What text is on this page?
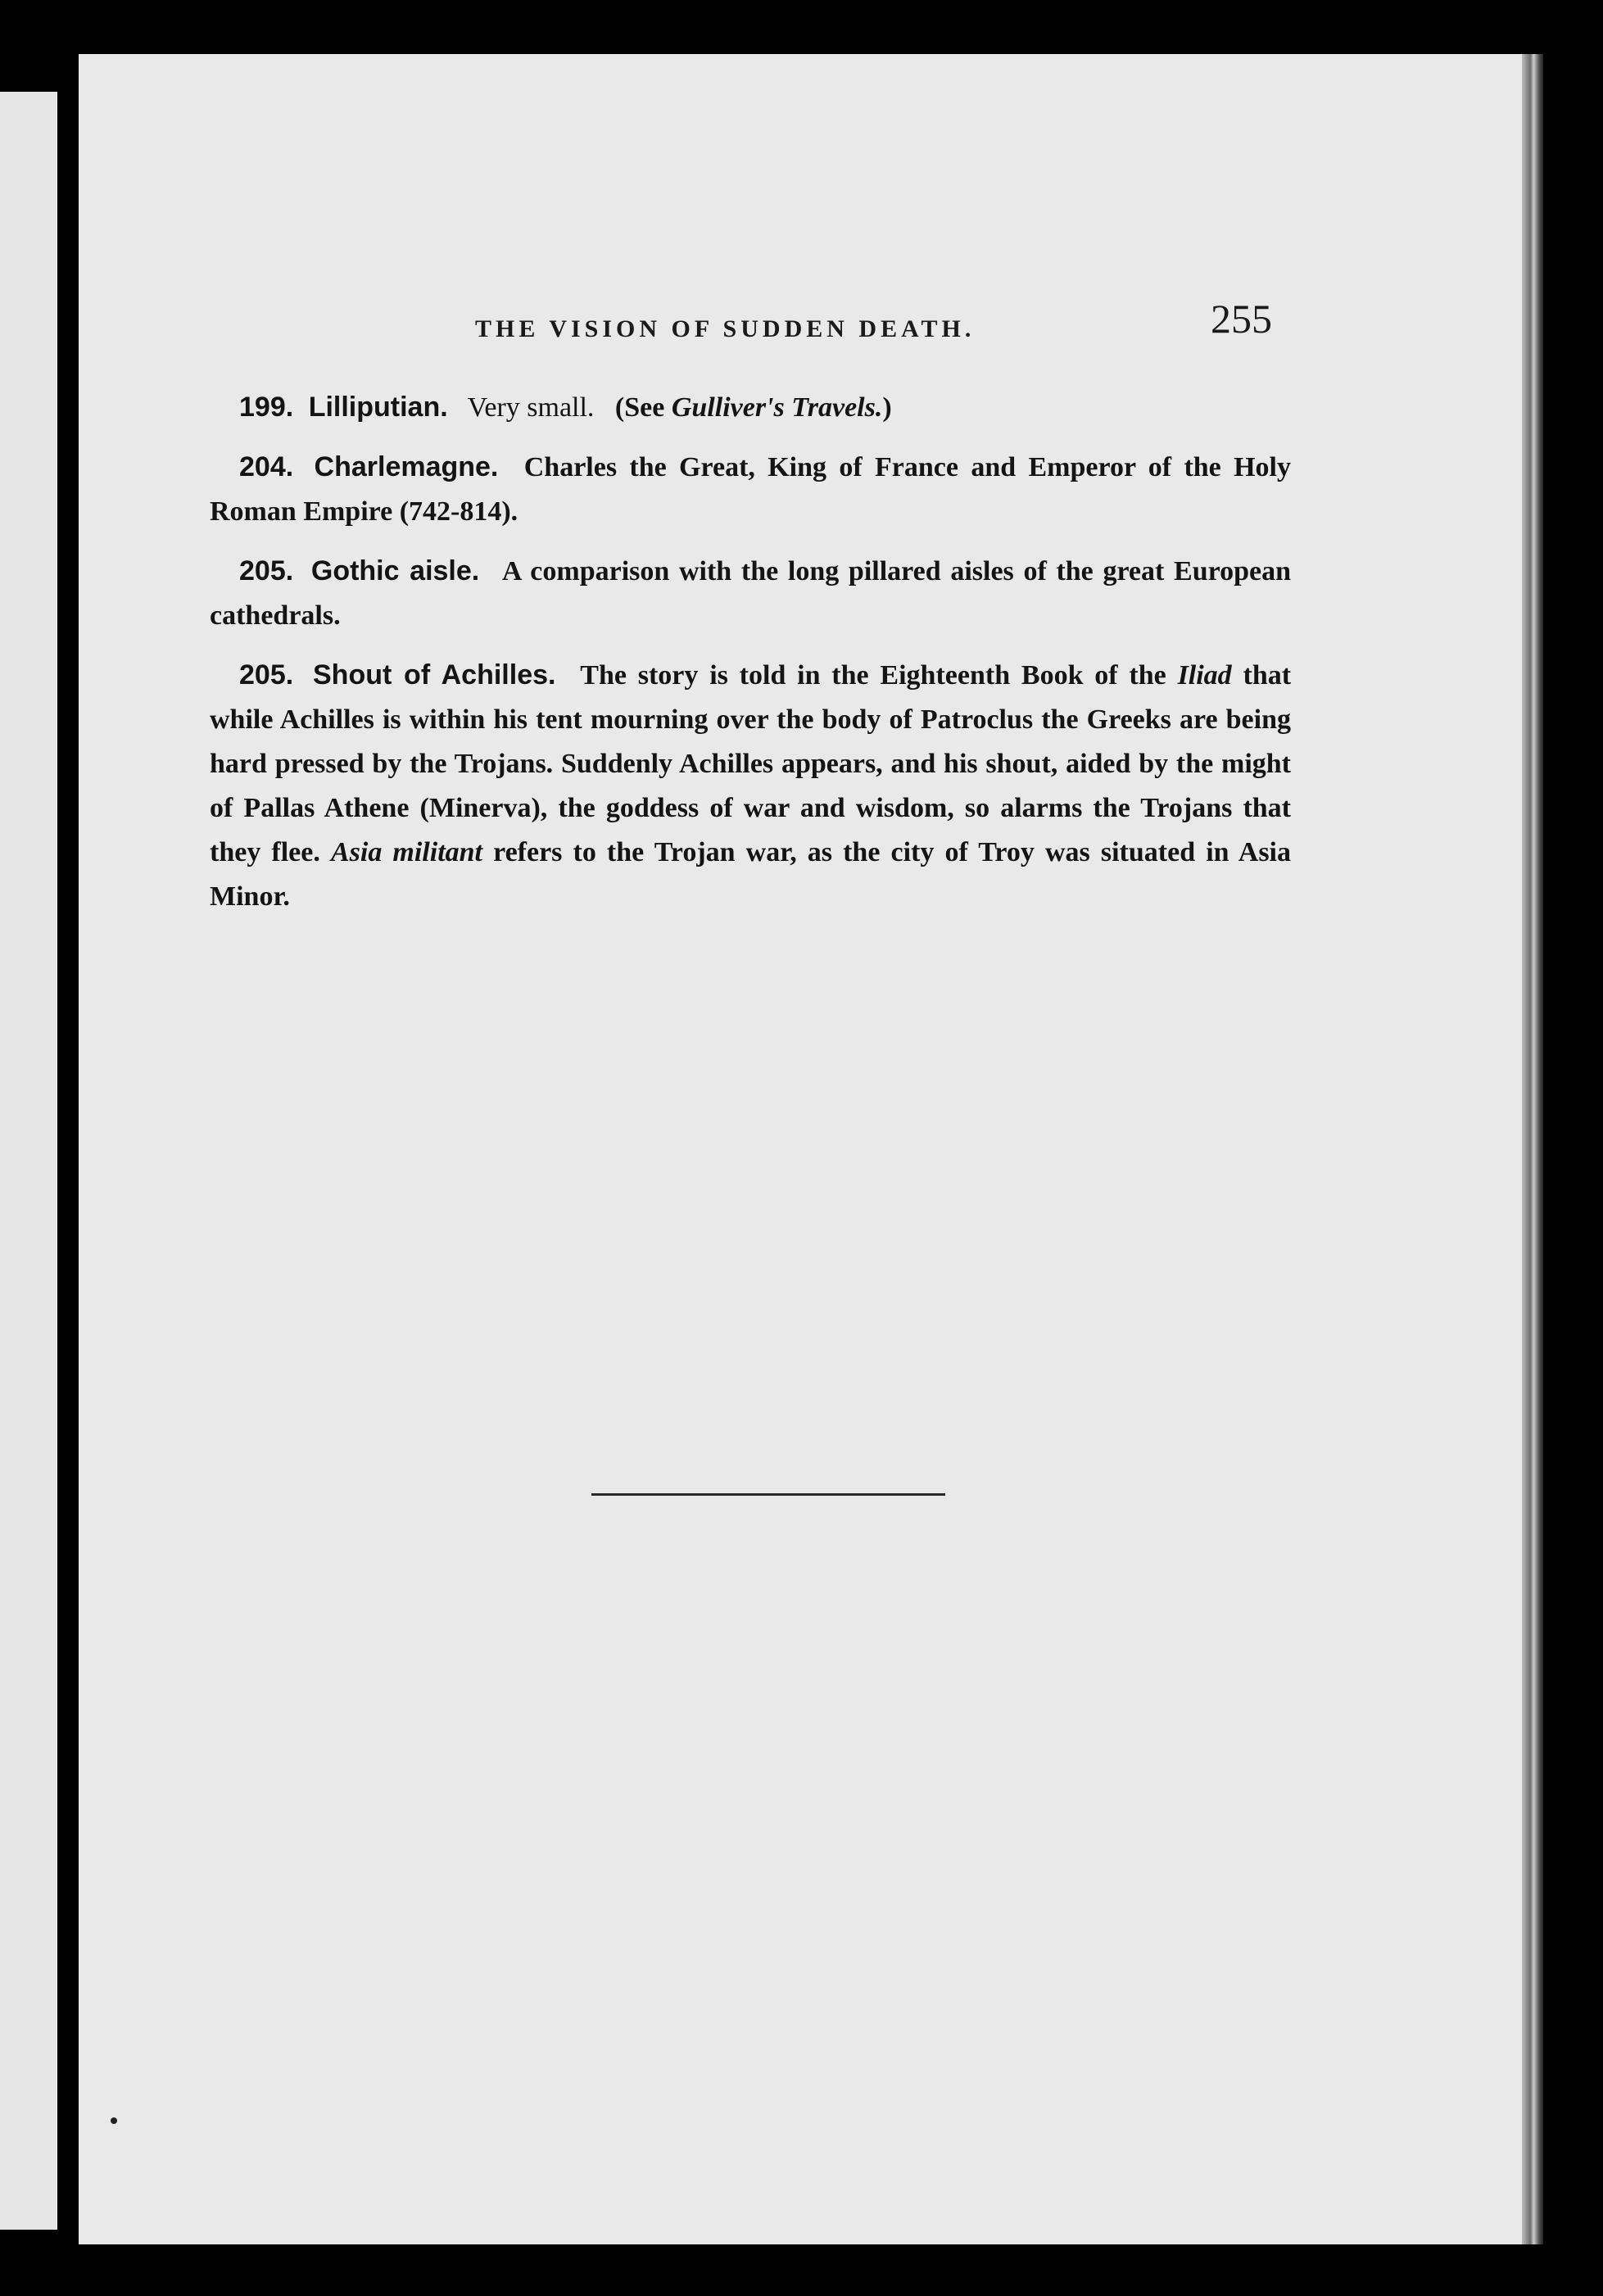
THE VISION OF SUDDEN DEATH.	255

199. Lilliputian. Very small. (See Gulliver's Travels.)

204. Charlemagne. Charles the Great, King of France and Emperor of the Holy Roman Empire (742-814).

205. Gothic aisle. A comparison with the long pillared aisles of the great European cathedrals.

205. Shout of Achilles. The story is told in the Eighteenth Book of the Iliad that while Achilles is within his tent mourning over the body of Patroclus the Greeks are being hard pressed by the Trojans. Suddenly Achilles appears, and his shout, aided by the might of Pallas Athene (Minerva), the goddess of war and wisdom, so alarms the Trojans that they flee. Asia militant refers to the Trojan war, as the city of Troy was situated in Asia Minor.
